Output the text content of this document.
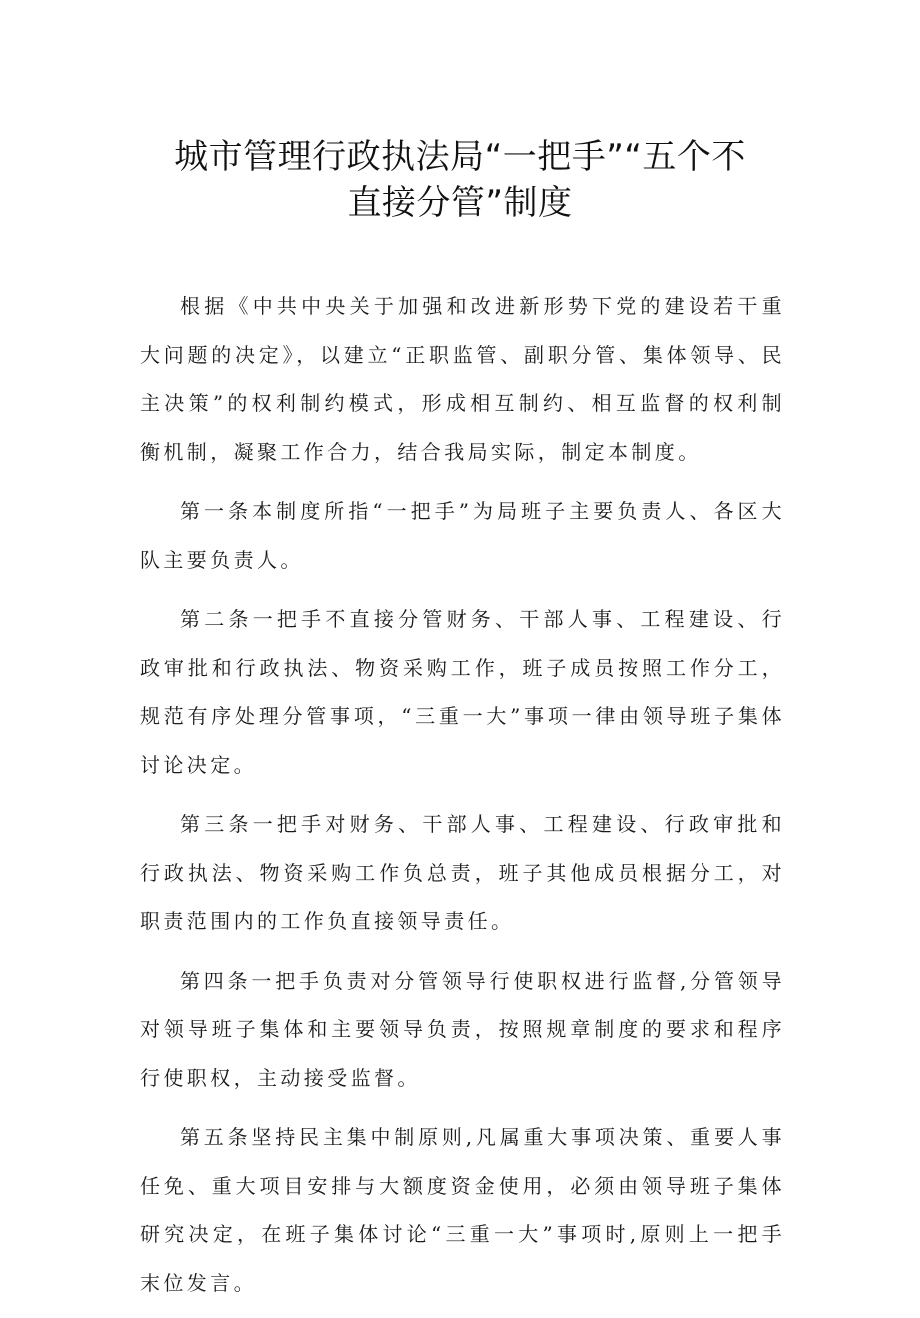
城市管理行政执法局“一把手”“五个不
直接分管”制度

根据《中共中央关于加强和改进新形势下党的建设若干重大问题的决定》，以建立“正职监管、副职分管、集体领导、民主决策”的权利制约模式，形成相互制约、相互监督的权利制衡机制，凝聚工作合力，结合我局实际，制定本制度。

第一条本制度所指“一把手”为局班子主要负责人、各区大队主要负责人。

第二条一把手不直接分管财务、干部人事、工程建设、行政审批和行政执法、物资采购工作，班子成员按照工作分工，规范有序处理分管事项，“三重一大”事项一律由领导班子集体讨论决定。

第三条一把手对财务、干部人事、工程建设、行政审批和行政执法、物资采购工作负总责，班子其他成员根据分工，对职责范围内的工作负直接领导责任。

第四条一把手负责对分管领导行使职权进行监督,分管领导对领导班子集体和主要领导负责，按照规章制度的要求和程序行使职权，主动接受监督。

第五条坚持民主集中制原则,凡属重大事项决策、重要人事任免、重大项目安排与大额度资金使用，必须由领导班子集体研究决定，在班子集体讨论“三重一大”事项时,原则上一把手末位发言。
